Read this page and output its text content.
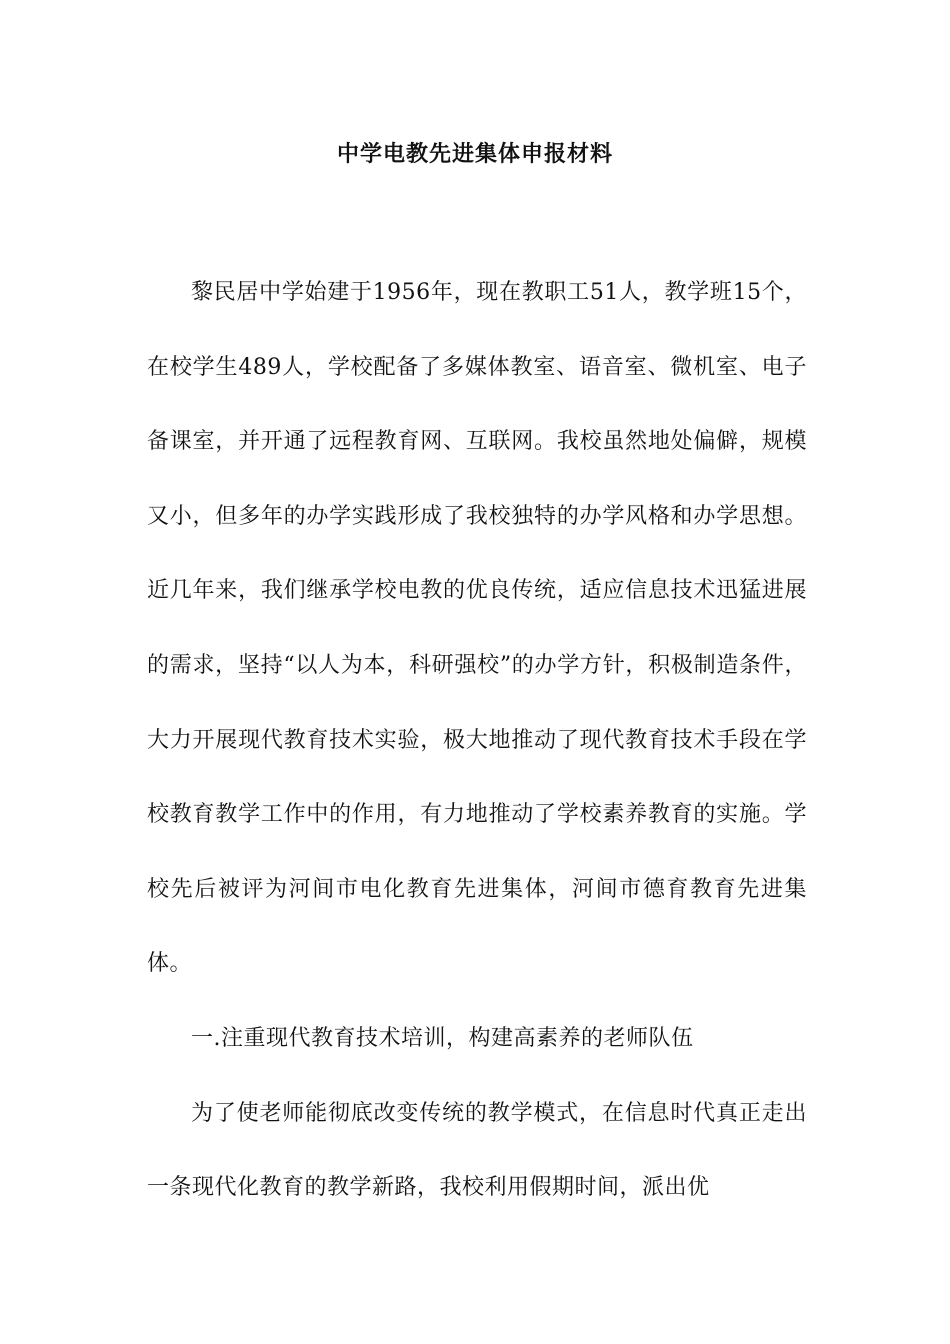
中学电教先进集体申报材料

黎民居中学始建于1956年，现在教职工51人，教学班15个，在校学生489人，学校配备了多媒体教室、语音室、微机室、电子备课室，并开通了远程教育网、互联网。我校虽然地处偏僻，规模又小，但多年的办学实践形成了我校独特的办学风格和办学思想。近几年来，我们继承学校电教的优良传统，适应信息技术迅猛进展的需求，坚持“以人为本，科研强校”的办学方针，积极制造条件，大力开展现代教育技术实验，极大地推动了现代教育技术手段在学校教育教学工作中的作用，有力地推动了学校素养教育的实施。学校先后被评为河间市电化教育先进集体，河间市德育教育先进集体。

一.注重现代教育技术培训，构建高素养的老师队伍

为了使老师能彻底改变传统的教学模式，在信息时代真正走出一条现代化教育的教学新路，我校利用假期时间，派出优
